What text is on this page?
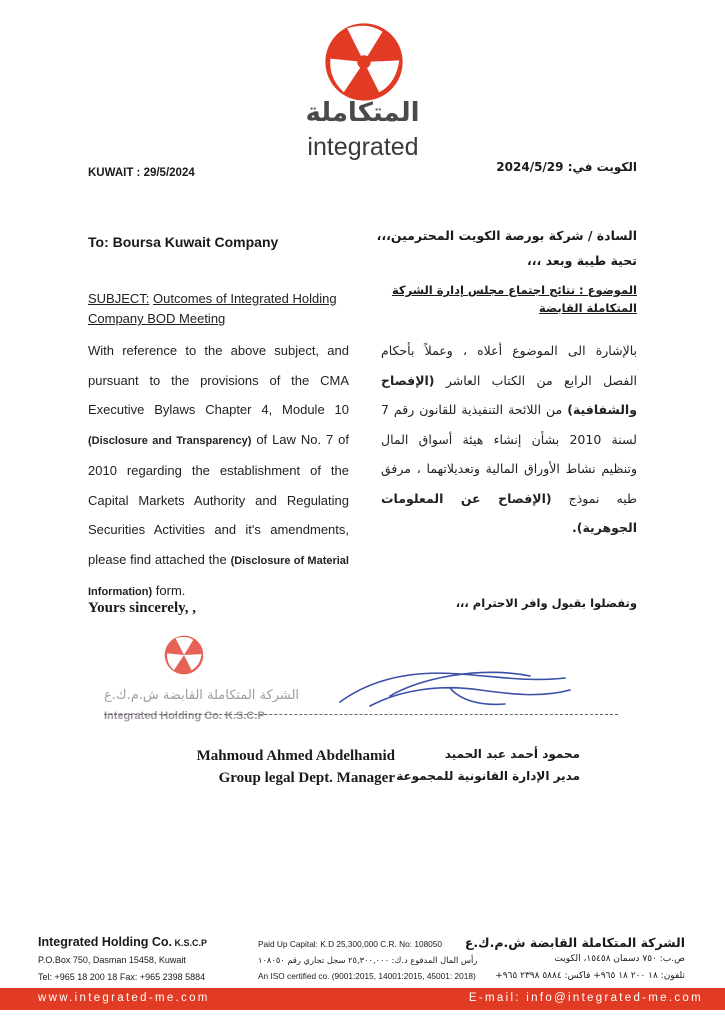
المتكاملة
integrated
KUWAIT : 29/5/2024	الكويت في: 2024/5/29
To: Boursa Kuwait Company	السادة / شركة بورصة الكويت المحترمين،،،
تحية طيبة وبعد ،،،
SUBJECT: Outcomes of Integrated Holding Company BOD Meeting
الموضوع : نتائج اجتماع مجلس إدارة الشركة المتكاملة القابضة
With reference to the above subject, and pursuant to the provisions of the CMA Executive Bylaws Chapter 4, Module 10 (Disclosure and Transparency) of Law No. 7 of 2010 regarding the establishment of the Capital Markets Authority and Regulating Securities Activities and it's amendments, please find attached the (Disclosure of Material Information) form.
بالإشارة الى الموضوع أعلاه ، وعملاً بأحكام الفصل الرابع من الكتاب العاشر (الإفصاح والشفافية) من اللائحة التنفيذية للقانون رقم 7 لسنة 2010 بشأن إنشاء هيئة أسواق المال وتنظيم نشاط الأوراق المالية وتعديلاتهما ، مرفق طيه نموذج (الإفصاح عن المعلومات الجوهرية).
Yours sincerely, ,	وتفضلوا بقبول وافر الاحترام ،،،
الشركة المتكاملة القابضة ش.م.ك.ع
Integrated Holding Co. K.S.C.P
Mahmoud Ahmed Abdelhamid
Group legal Dept. Manager
محمود أحمد عبد الحميد
مدير الإدارة القانونية للمجموعة
Integrated Holding Co. K.S.C.P
P.O.Box 750, Dasman 15458, Kuwait
Tel: +965 18 200 18 Fax: +965 2398 5884
Paid Up Capital: K.D 25,300,000 C.R. No: 108050
رأس المال المدفوع د.ك: ٢٥,٣٠٠,٠٠٠ سجل تجاري رقم ١٠٨٠٥٠
An ISO certified co. (9001:2015, 14001:2015, 45001: 2018)
الشركة المتكاملة القابضة ش.م.ك.ع
ص.ب: ٧٥٠ دسمان ١٥٤٥٨، الكويت
تلفون: ١٨ ٢٠٠ ١٨ ٩٦٥+ فاكس: ٥٨٨٤ ٢٣٩٨ ٩٦٥+
www.integrated-me.com	E-mail: info@integrated-me.com
